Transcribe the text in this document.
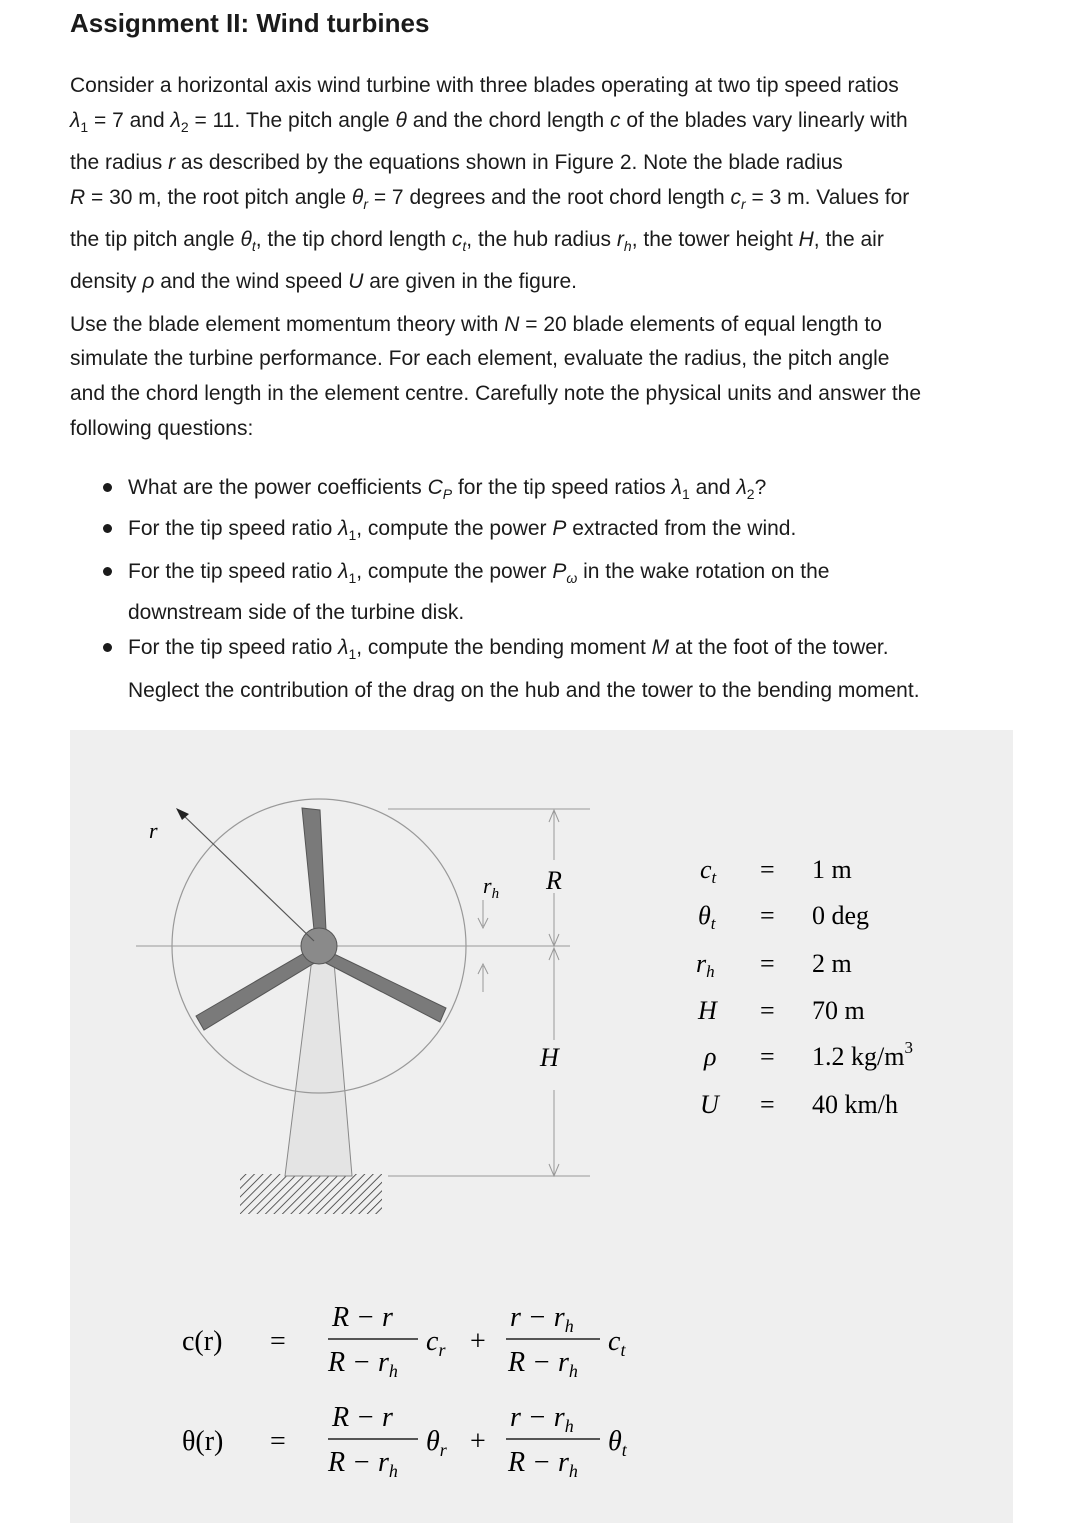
Assignment II: Wind turbines

Consider a horizontal axis wind turbine with three blades operating at two tip speed ratios

$\lambda_1 = 7$ and $\lambda_2 = 11$. The pitch angle θ and the chord length c of the blades vary linearly with

the radius r as described by the equations shown in Figure 2. Note the blade radius

R = 30 m, the root pitch angle $\theta_r = 7$ degrees and the root chord length $c_r = 3$ m. Values for

the tip pitch angle $\theta_t$, the tip chord length $c_t$, the hub radius $r_h$, the tower height H, the air

density ρ and the wind speed U are given in the figure.

Use the blade element momentum theory with N = 20 blade elements of equal length to

simulate the turbine performance. For each element, evaluate the radius, the pitch angle

and the chord length in the element centre. Carefully note the physical units and answer the

following questions:

What are the power coefficients $C_P$ for the tip speed ratios $\lambda_1$ and $\lambda_2$?
For the tip speed ratio $\lambda_1$, compute the power P extracted from the wind.
For the tip speed ratio $\lambda_1$, compute the power $P_\omega$ in the wake rotation on the
downstream side of the turbine disk.
For the tip speed ratio $\lambda_1$, compute the bending moment M at the foot of the tower.
Neglect the contribution of the drag on the hub and the tower to the bending moment.
r
$r_h$ R
H
ct = 1 m
θt = 0 deg
rh = 2 m
H = 70 m
ρ = 1.2 $kg/m^3$
U = 40 km/h
c(r) =
R − r
$R - r_h$
$c_r$ +
$r - r_h$
$R - r_h$
$c_t$
θ(r) =
R − r
$R - r_h$
$\theta_r$ +
$r - r_h$
$R - r_h$
$\theta_t$
